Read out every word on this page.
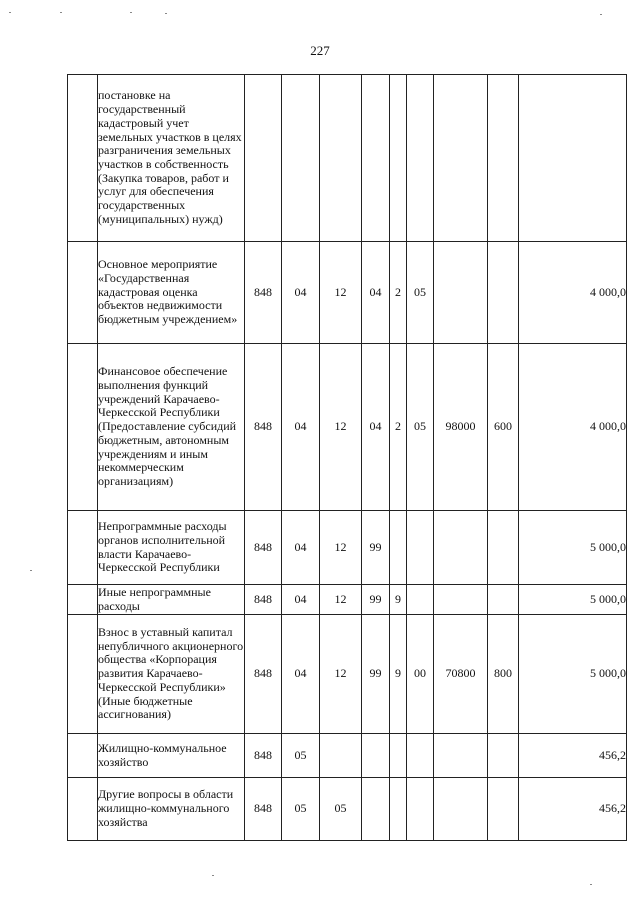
227
	постановке на государственный кадастровый учет земельных участков в целях разграничения земельных участков в собственность (Закупка товаров, работ и услуг для обеспечения государственных (муниципальных) нужд)									
	Основное мероприятие «Государственная кадастровая оценка объектов недвижимости бюджетным учреждением»	848	04	12	04	2	05			4 000,0
	Финансовое обеспечение выполнения функций учреждений Карачаево-Черкесской Республики (Предоставление субсидий бюджетным, автономным учреждениям и иным некоммерческим организациям)	848	04	12	04	2	05	98000	600	4 000,0
	Непрограммные расходы органов исполнительной власти Карачаево-Черкесской Республики	848	04	12	99					5 000,0
	Иные непрограммные расходы	848	04	12	99	9				5 000,0
	Взнос в уставный капитал непубличного акционерного общества «Корпорация развития Карачаево-Черкесской Республики» (Иные бюджетные ассигнования)	848	04	12	99	9	00	70800	800	5 000,0
	Жилищно-коммунальное хозяйство	848	05							456,2
	Другие вопросы в области жилищно-коммунального хозяйства	848	05	05						456,2
